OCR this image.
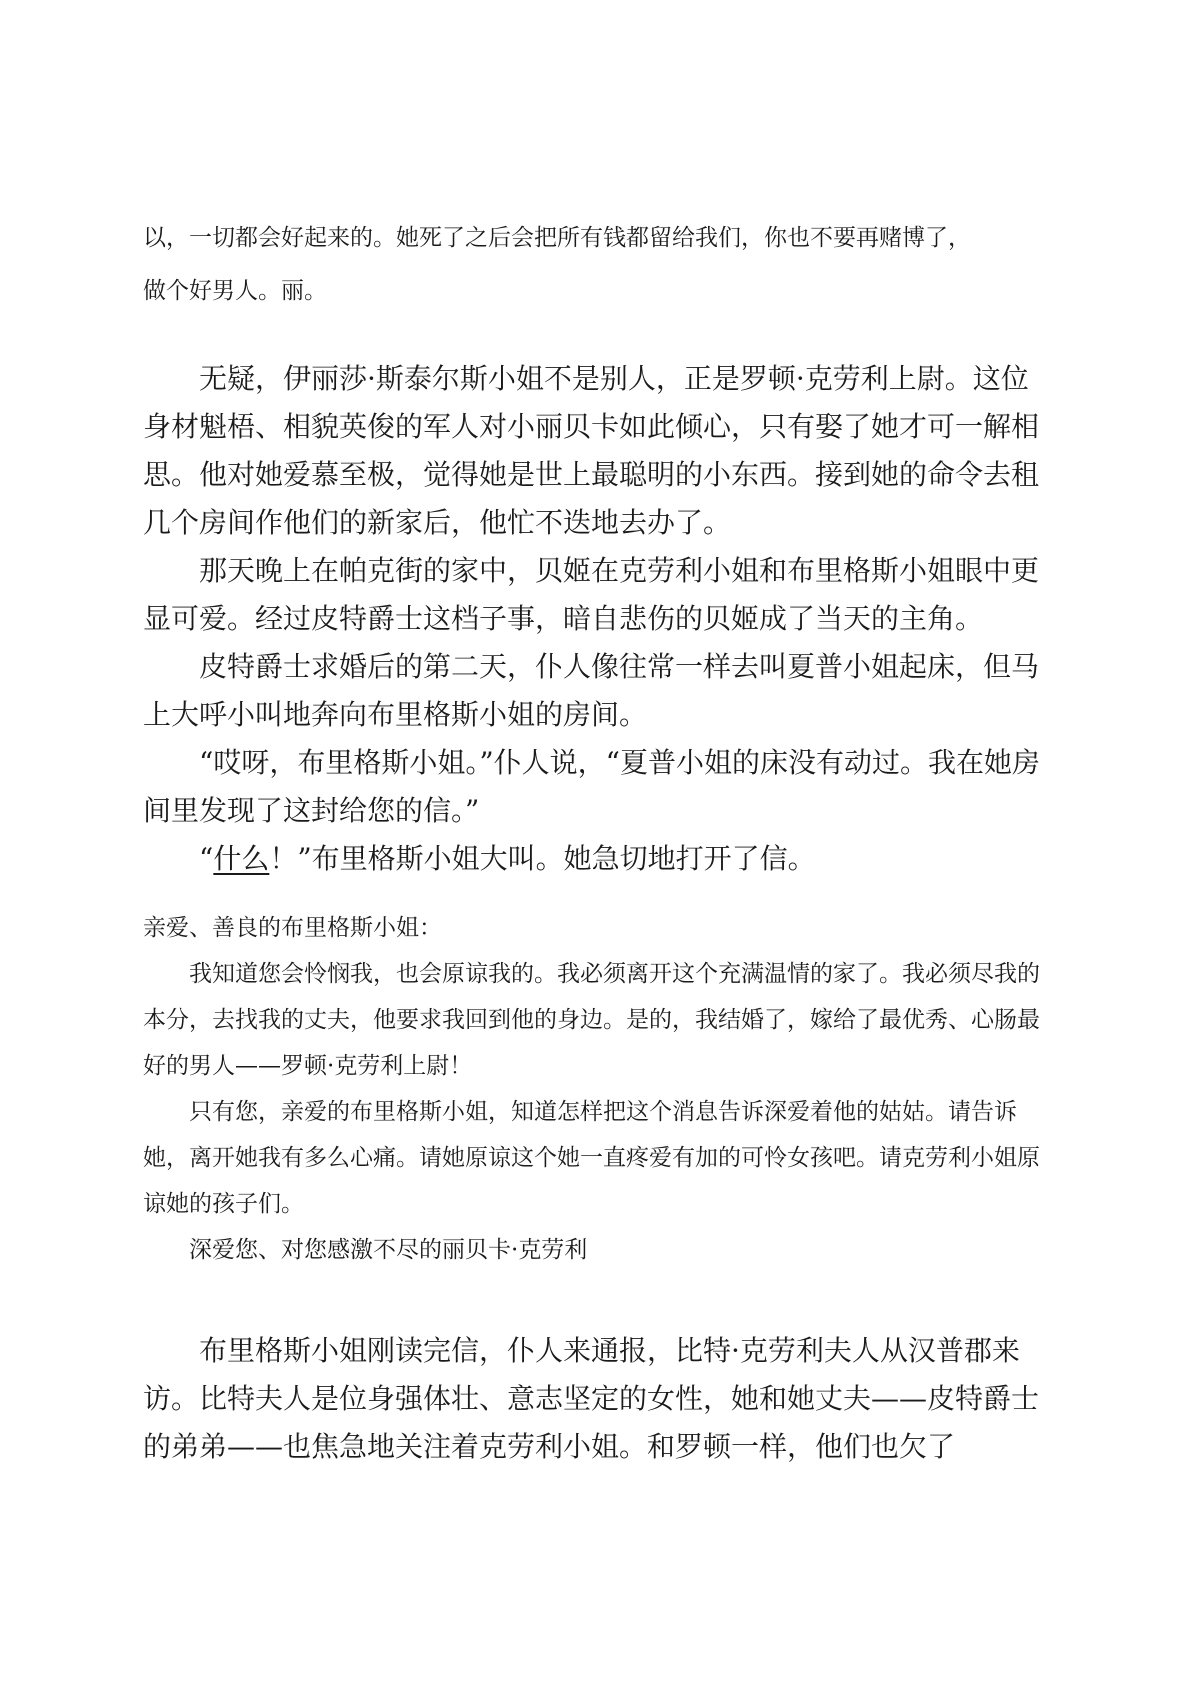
以，一切都会好起来的。她死了之后会把所有钱都留给我们，你也不要再赌博了，

做个好男人。丽。

无疑，伊丽莎·斯泰尔斯小姐不是别人，正是罗顿·克劳利上尉。这位身材魁梧、相貌英俊的军人对小丽贝卡如此倾心，只有娶了她才可一解相思。他对她爱慕至极，觉得她是世上最聪明的小东西。接到她的命令去租几个房间作他们的新家后，他忙不迭地去办了。

那天晚上在帕克街的家中，贝姬在克劳利小姐和布里格斯小姐眼中更显可爱。经过皮特爵士这档子事，暗自悲伤的贝姬成了当天的主角。

皮特爵士求婚后的第二天，仆人像往常一样去叫夏普小姐起床，但马上大呼小叫地奔向布里格斯小姐的房间。

“哎呀，布里格斯小姐。”仆人说，“夏普小姐的床没有动过。我在她房间里发现了这封给您的信。”

“什么！”布里格斯小姐大叫。她急切地打开了信。

亲爱、善良的布里格斯小姐：

我知道您会怜悯我，也会原谅我的。我必须离开这个充满温情的家了。我必须尽我的本分，去找我的丈夫，他要求我回到他的身边。是的，我结婚了，嫁给了最优秀、心肠最好的男人——罗顿·克劳利上尉！

只有您，亲爱的布里格斯小姐，知道怎样把这个消息告诉深爱着他的姑姑。请告诉她，离开她我有多么心痛。请她原谅这个她一直疼爱有加的可怜女孩吧。请克劳利小姐原谅她的孩子们。

深爱您、对您感激不尽的丽贝卡·克劳利

布里格斯小姐刚读完信，仆人来通报，比特·克劳利夫人从汉普郡来访。比特夫人是位身强体壮、意志坚定的女性，她和她丈夫——皮特爵士的弟弟——也焦急地关注着克劳利小姐。和罗顿一样，他们也欠了
